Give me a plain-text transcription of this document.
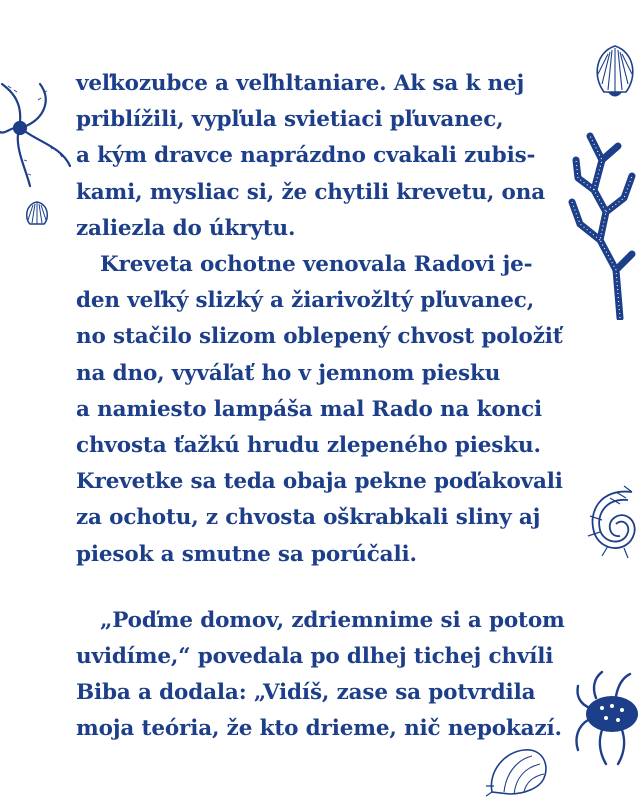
veľkozubce a veľhltaniare. Ak sa k nej
priblížili, vypľula svietiaci pľuvanec,
a kým dravce naprázdno cvakali zubis-
kami, mysliac si, že chytili krevetu, ona
zaliezla do úkrytu.
Kreveta ochotne venovala Radovi je-
den veľký slizký a žiarivožltý pľuvanec,
no stačilo slizom oblepený chvost položiť
na dno, vyváľať ho v jemnom piesku
a namiesto lampáša mal Rado na konci
chvosta ťažkú hrudu zlepeného piesku.
Krevetke sa teda obaja pekne poďakovali
za ochotu, z chvosta oškrabkali sliny aj
piesok a smutne sa porúčali.
„Poďme domov, zdriemnime si a potom
uvidíme,“ povedala po dlhej tichej chvíli
Biba a dodala: „Vidíš, zase sa potvrdila
moja teória, že kto drieme, nič nepokazí.
